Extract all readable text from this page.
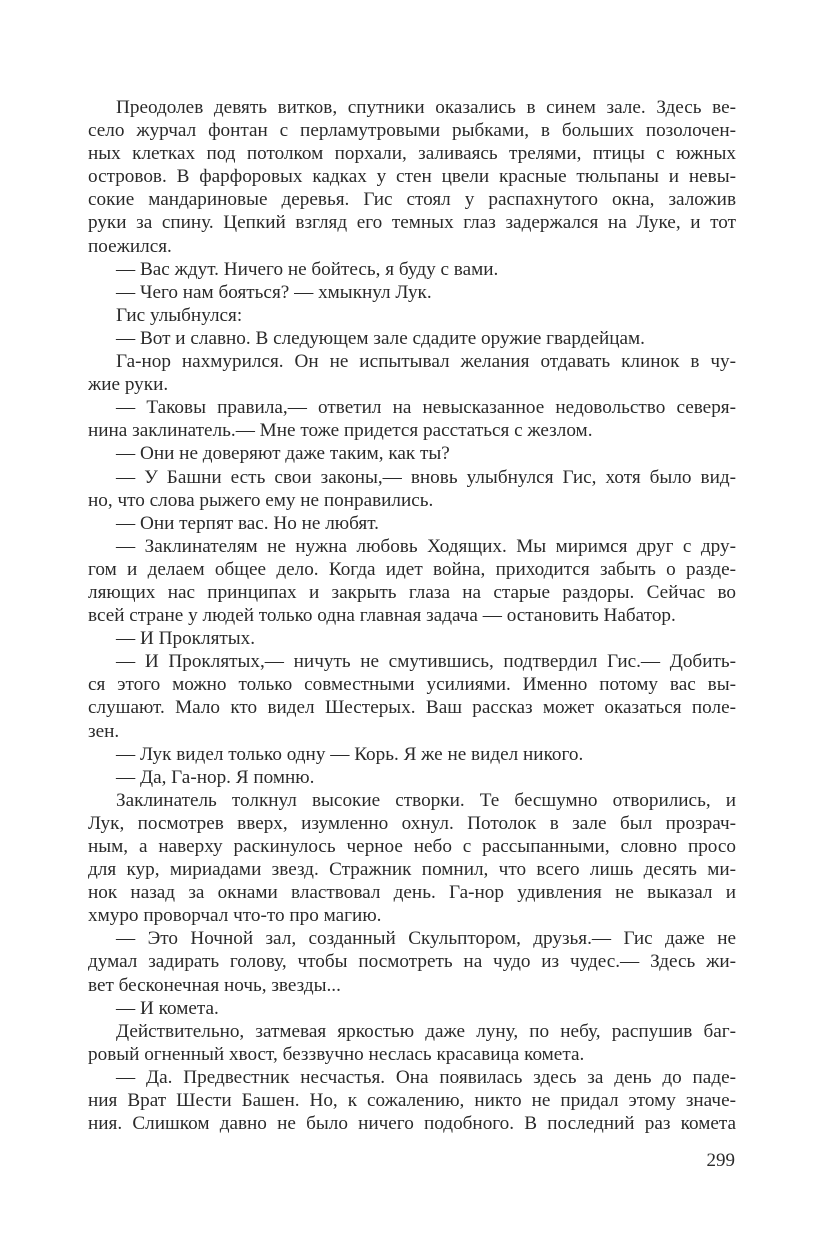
Преодолев девять витков, спутники оказались в синем зале. Здесь ве-
село журчал фонтан с перламутровыми рыбками, в больших позолочен-
ных клетках под потолком порхали, заливаясь трелями, птицы с южных
островов. В фарфоровых кадках у стен цвели красные тюльпаны и невы-
сокие мандариновые деревья. Гис стоял у распахнутого окна, заложив
руки за спину. Цепкий взгляд его темных глаз задержался на Луке, и тот
поежился.
— Вас ждут. Ничего не бойтесь, я буду с вами.
— Чего нам бояться? — хмыкнул Лук.
Гис улыбнулся:
— Вот и славно. В следующем зале сдадите оружие гвардейцам.
Га-нор нахмурился. Он не испытывал желания отдавать клинок в чу-
жие руки.
— Таковы правила,— ответил на невысказанное недовольство северя-
нина заклинатель.— Мне тоже придется расстаться с жезлом.
— Они не доверяют даже таким, как ты?
— У Башни есть свои законы,— вновь улыбнулся Гис, хотя было вид-
но, что слова рыжего ему не понравились.
— Они терпят вас. Но не любят.
— Заклинателям не нужна любовь Ходящих. Мы миримся друг с дру-
гом и делаем общее дело. Когда идет война, приходится забыть о разде-
ляющих нас принципах и закрыть глаза на старые раздоры. Сейчас во
всей стране у людей только одна главная задача — остановить Набатор.
— И Проклятых.
— И Проклятых,— ничуть не смутившись, подтвердил Гис.— Добить-
ся этого можно только совместными усилиями. Именно потому вас вы-
слушают. Мало кто видел Шестерых. Ваш рассказ может оказаться поле-
зен.
— Лук видел только одну — Корь. Я же не видел никого.
— Да, Га-нор. Я помню.
Заклинатель толкнул высокие створки. Те бесшумно отворились, и
Лук, посмотрев вверх, изумленно охнул. Потолок в зале был прозрач-
ным, а наверху раскинулось черное небо с рассыпанными, словно просо
для кур, мириадами звезд. Стражник помнил, что всего лишь десять ми-
нок назад за окнами властвовал день. Га-нор удивления не выказал и
хмуро проворчал что-то про магию.
— Это Ночной зал, созданный Скульптором, друзья.— Гис даже не
думал задирать голову, чтобы посмотреть на чудо из чудес.— Здесь жи-
вет бесконечная ночь, звезды...
— И комета.
Действительно, затмевая яркостью даже луну, по небу, распушив баг-
ровый огненный хвост, беззвучно неслась красавица комета.
— Да. Предвестник несчастья. Она появилась здесь за день до паде-
ния Врат Шести Башен. Но, к сожалению, никто не придал этому значе-
ния. Слишком давно не было ничего подобного. В последний раз комета
299
